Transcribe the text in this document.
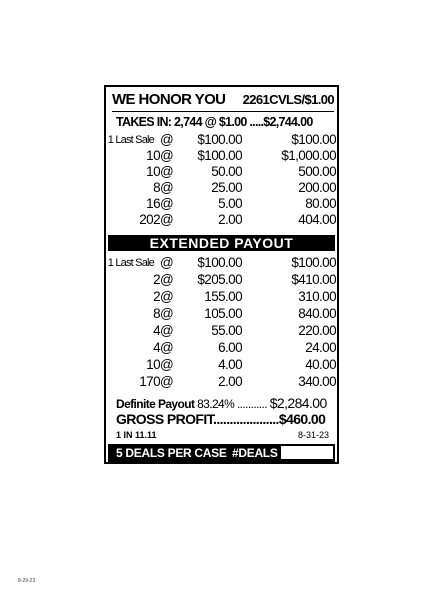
WE HONOR YOU 2261CVLS/$1.00
TAKES IN: 2,744 @ $1.00 .....$2,744.00
1 Last Sale @ $100.00 .....	$100.00
10 @ $100.00 .....	$1,000.00
10 @	50.00 .....	500.00
8 @	25.00 .....	200.00
16 @	5.00 .....	80.00
202 @	2.00 .....	404.00
EXTENDED PAYOUT
1 Last Sale @ $100.00 .....	$100.00
2 @ $205.00 .....	$410.00
2 @ 155.00 .....	310.00
8 @ 105.00 .....	840.00
4 @	55.00 .....	220.00
4 @	6.00 .....	24.00
10 @	4.00 .....	40.00
170 @	2.00 .....	340.00
Definite Payout 83.24% ........... $2,284.00
GROSS PROFIT....................$460.00
1 IN 11.11	8-31-23
5 DEALS PER CASE #DEALS
8-29-23
